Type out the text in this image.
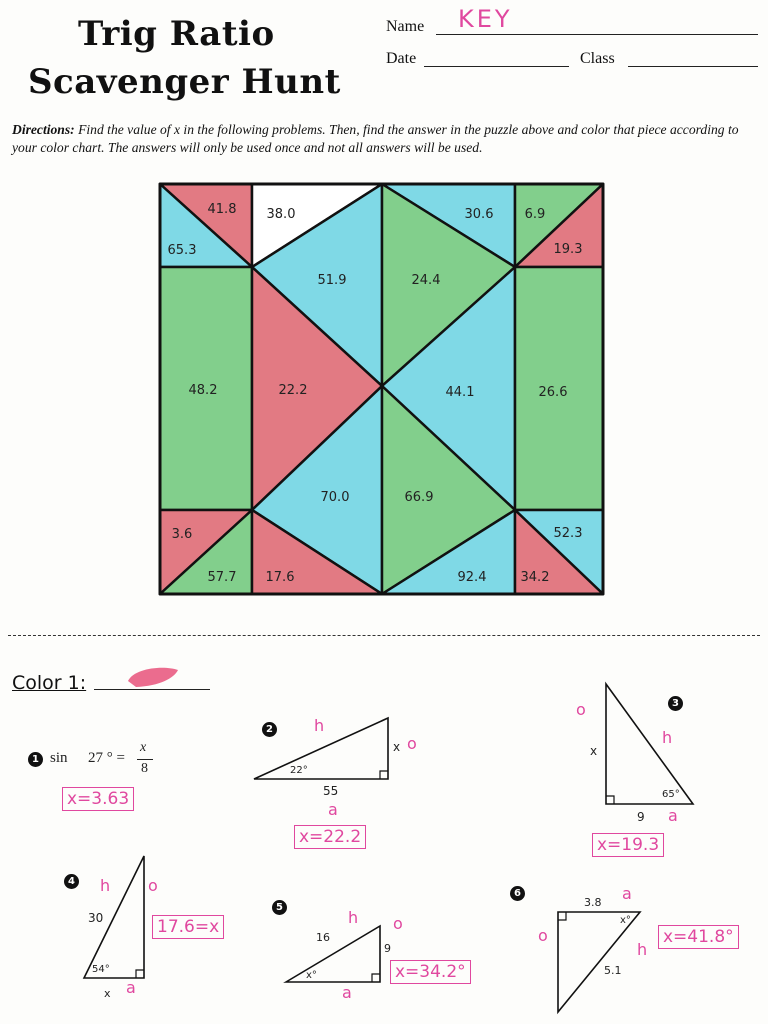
Trig Ratio
Scavenger Hunt
Name KEY
Date	Class
Directions: Find the value of x in the following problems. Then, find the answer in the puzzle above and color that piece according to your color chart. The answers will only be used once and not all answers will be used.
41.8
65.3
38.0
51.9
30.6
24.4
6.9
19.3
48.2	22.2	44.1	26.6
70.0	66.9
3.6
57.7 17.6	92.4
52.3
34.2
Color 1:
1 sin 27 ° =
x
8
x=3.63
2
22°
55
x
h
o
a
x=22.2
3
x
9
65°
o
h
a
x=19.3
4
30
54°
x
h o
a
17.6=x
5
16
9
x°
h o
a
x=34.2°
6
3.8
x°
5.1
a
o
h
x=41.8°
